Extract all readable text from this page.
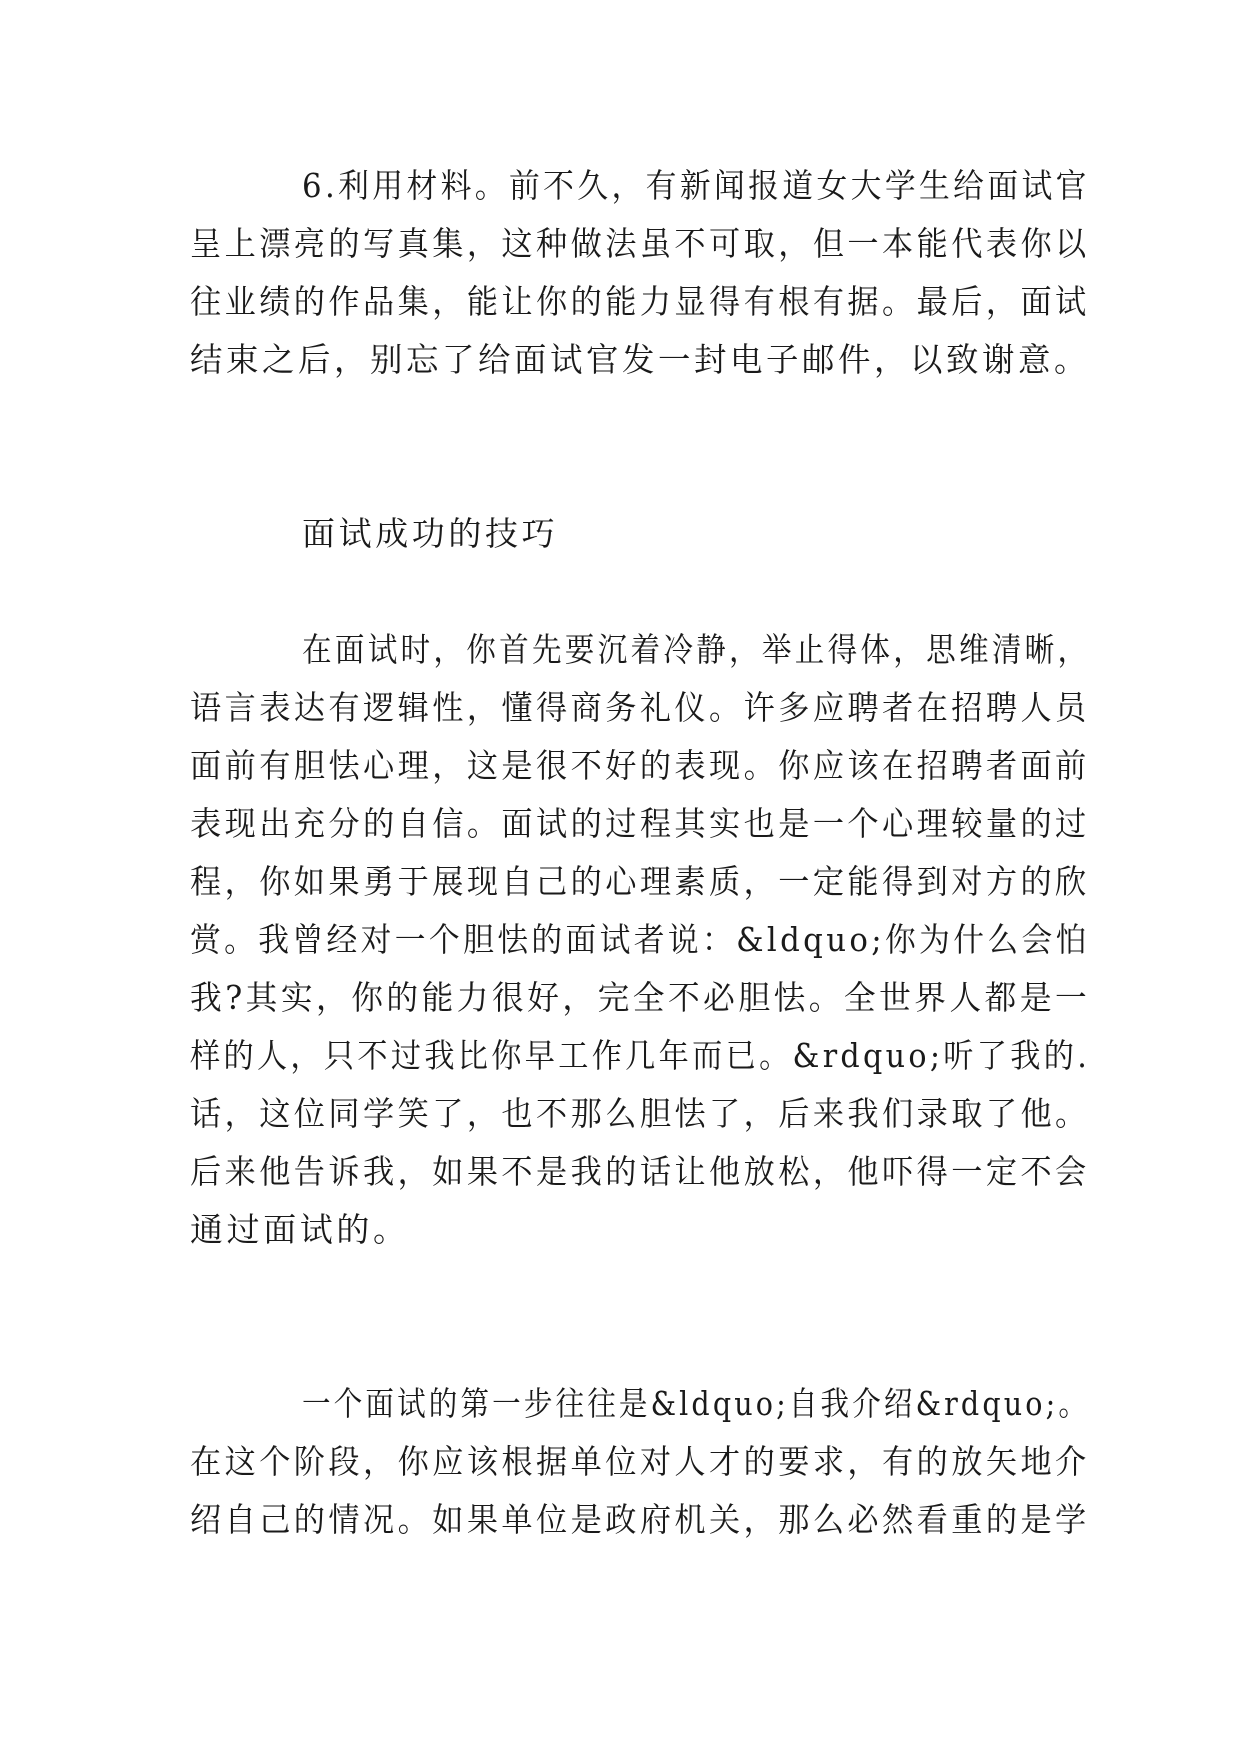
6.利用材料。前不久，有新闻报道女大学生给面试官
呈上漂亮的写真集，这种做法虽不可取，但一本能代表你以
往业绩的作品集，能让你的能力显得有根有据。最后，面试
结束之后，别忘了给面试官发一封电子邮件，以致谢意。
面试成功的技巧
在面试时，你首先要沉着冷静，举止得体，思维清晰，
语言表达有逻辑性，懂得商务礼仪。许多应聘者在招聘人员
面前有胆怯心理，这是很不好的表现。你应该在招聘者面前
表现出充分的自信。面试的过程其实也是一个心理较量的过
程，你如果勇于展现自己的心理素质，一定能得到对方的欣
赏。我曾经对一个胆怯的面试者说：&ldquo;你为什么会怕
我?其实，你的能力很好，完全不必胆怯。全世界人都是一
样的人，只不过我比你早工作几年而已。&rdquo;听了我的.
话，这位同学笑了，也不那么胆怯了，后来我们录取了他。
后来他告诉我，如果不是我的话让他放松，他吓得一定不会
通过面试的。
一个面试的第一步往往是&ldquo;自我介绍&rdquo;。
在这个阶段，你应该根据单位对人才的要求，有的放矢地介
绍自己的情况。如果单位是政府机关，那么必然看重的是学
